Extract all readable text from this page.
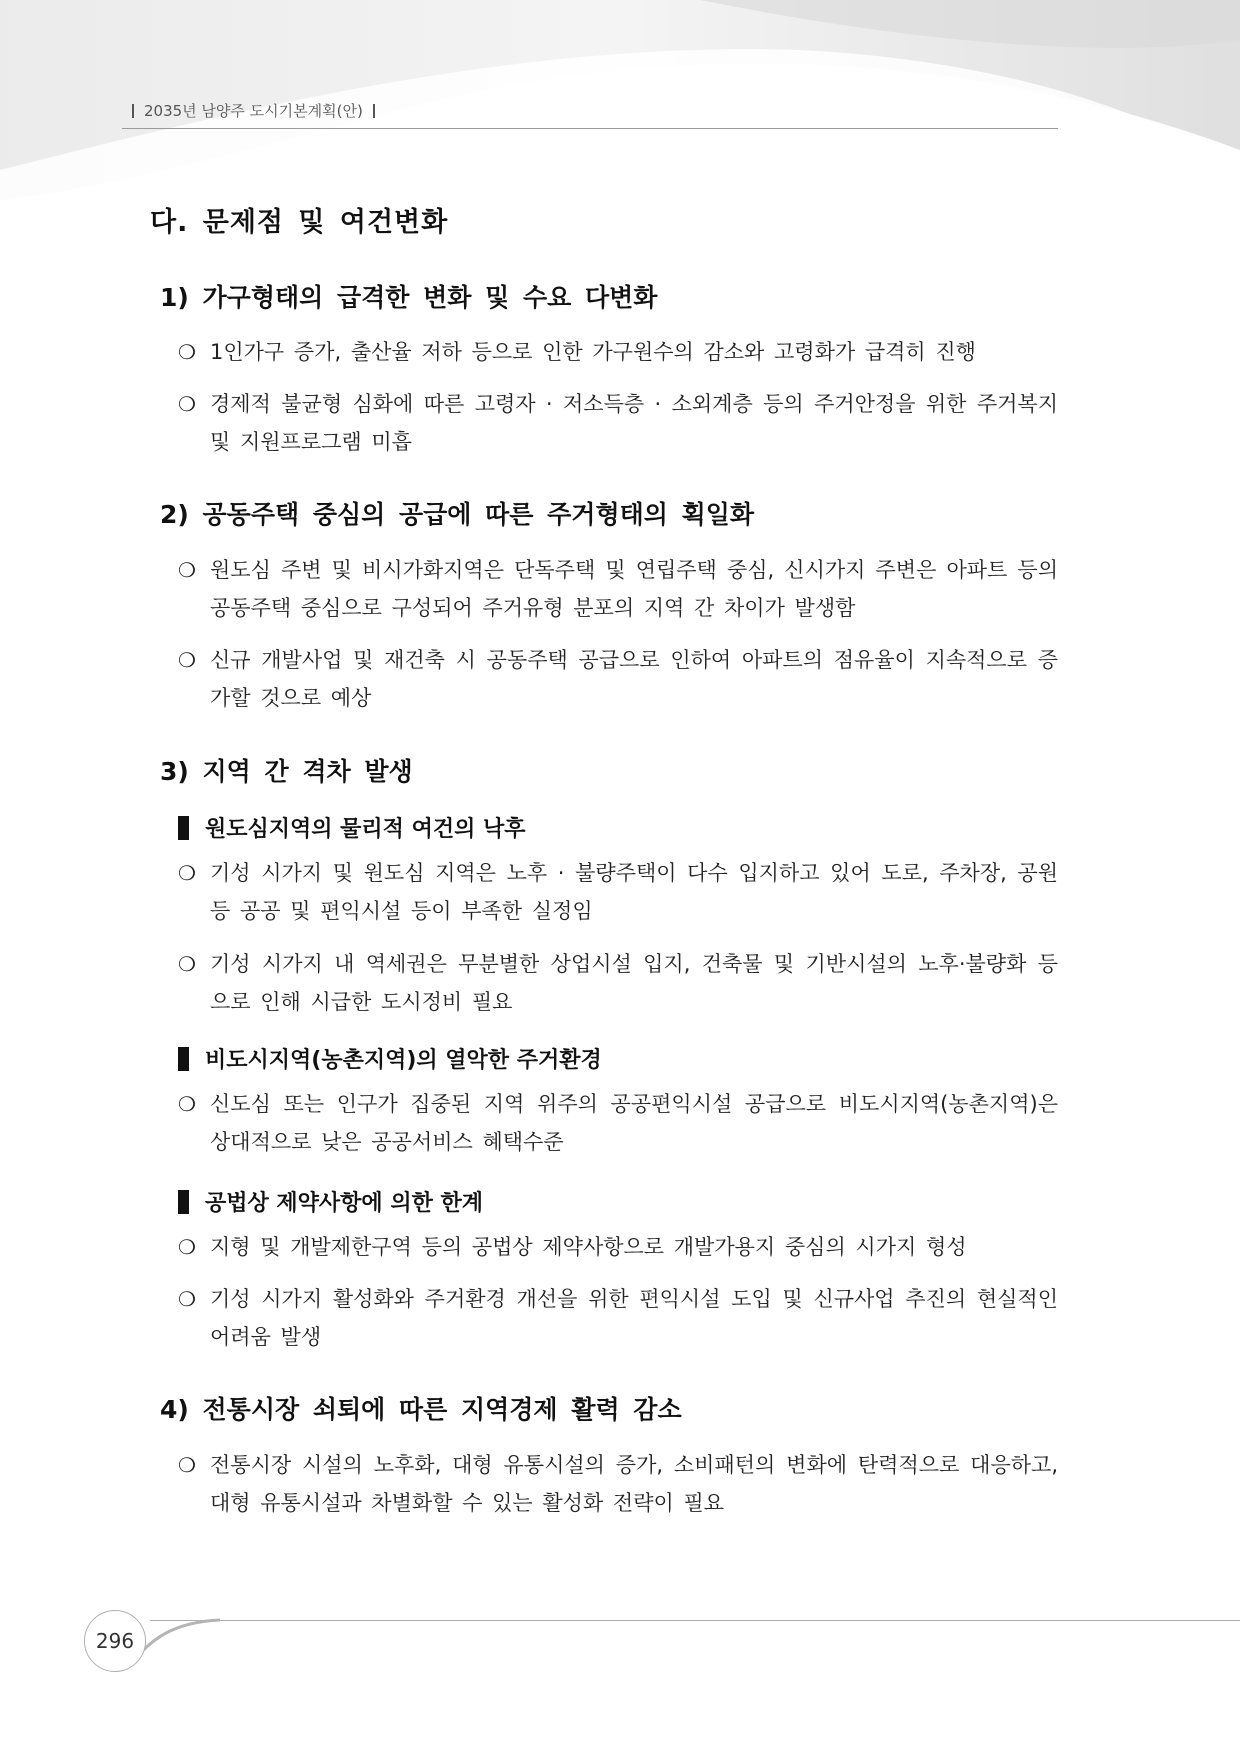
2035년 남양주 도시기본계획(안)
다. 문제점 및 여건변화
1) 가구형태의 급격한 변화 및 수요 다변화
❍ 1인가구 증가, 출산율 저하 등으로 인한 가구원수의 감소와 고령화가 급격히 진행
❍ 경제적 불균형 심화에 따른 고령자 · 저소득층 · 소외계층 등의 주거안정을 위한 주거복지 및 지원프로그램 미흡
2) 공동주택 중심의 공급에 따른 주거형태의 획일화
❍ 원도심 주변 및 비시가화지역은 단독주택 및 연립주택 중심, 신시가지 주변은 아파트 등의 공동주택 중심으로 구성되어 주거유형 분포의 지역 간 차이가 발생함
❍ 신규 개발사업 및 재건축 시 공동주택 공급으로 인하여 아파트의 점유율이 지속적으로 증가할 것으로 예상
3) 지역 간 격차 발생
원도심지역의 물리적 여건의 낙후
❍ 기성 시가지 및 원도심 지역은 노후 · 불량주택이 다수 입지하고 있어 도로, 주차장, 공원 등 공공 및 편익시설 등이 부족한 실정임
❍ 기성 시가지 내 역세권은 무분별한 상업시설 입지, 건축물 및 기반시설의 노후·불량화 등으로 인해 시급한 도시정비 필요
비도시지역(농촌지역)의 열악한 주거환경
❍ 신도심 또는 인구가 집중된 지역 위주의 공공편익시설 공급으로 비도시지역(농촌지역)은 상대적으로 낮은 공공서비스 혜택수준
공법상 제약사항에 의한 한계
❍ 지형 및 개발제한구역 등의 공법상 제약사항으로 개발가용지 중심의 시가지 형성
❍ 기성 시가지 활성화와 주거환경 개선을 위한 편익시설 도입 및 신규사업 추진의 현실적인 어려움 발생
4) 전통시장 쇠퇴에 따른 지역경제 활력 감소
❍ 전통시장 시설의 노후화, 대형 유통시설의 증가, 소비패턴의 변화에 탄력적으로 대응하고, 대형 유통시설과 차별화할 수 있는 활성화 전략이 필요
296
